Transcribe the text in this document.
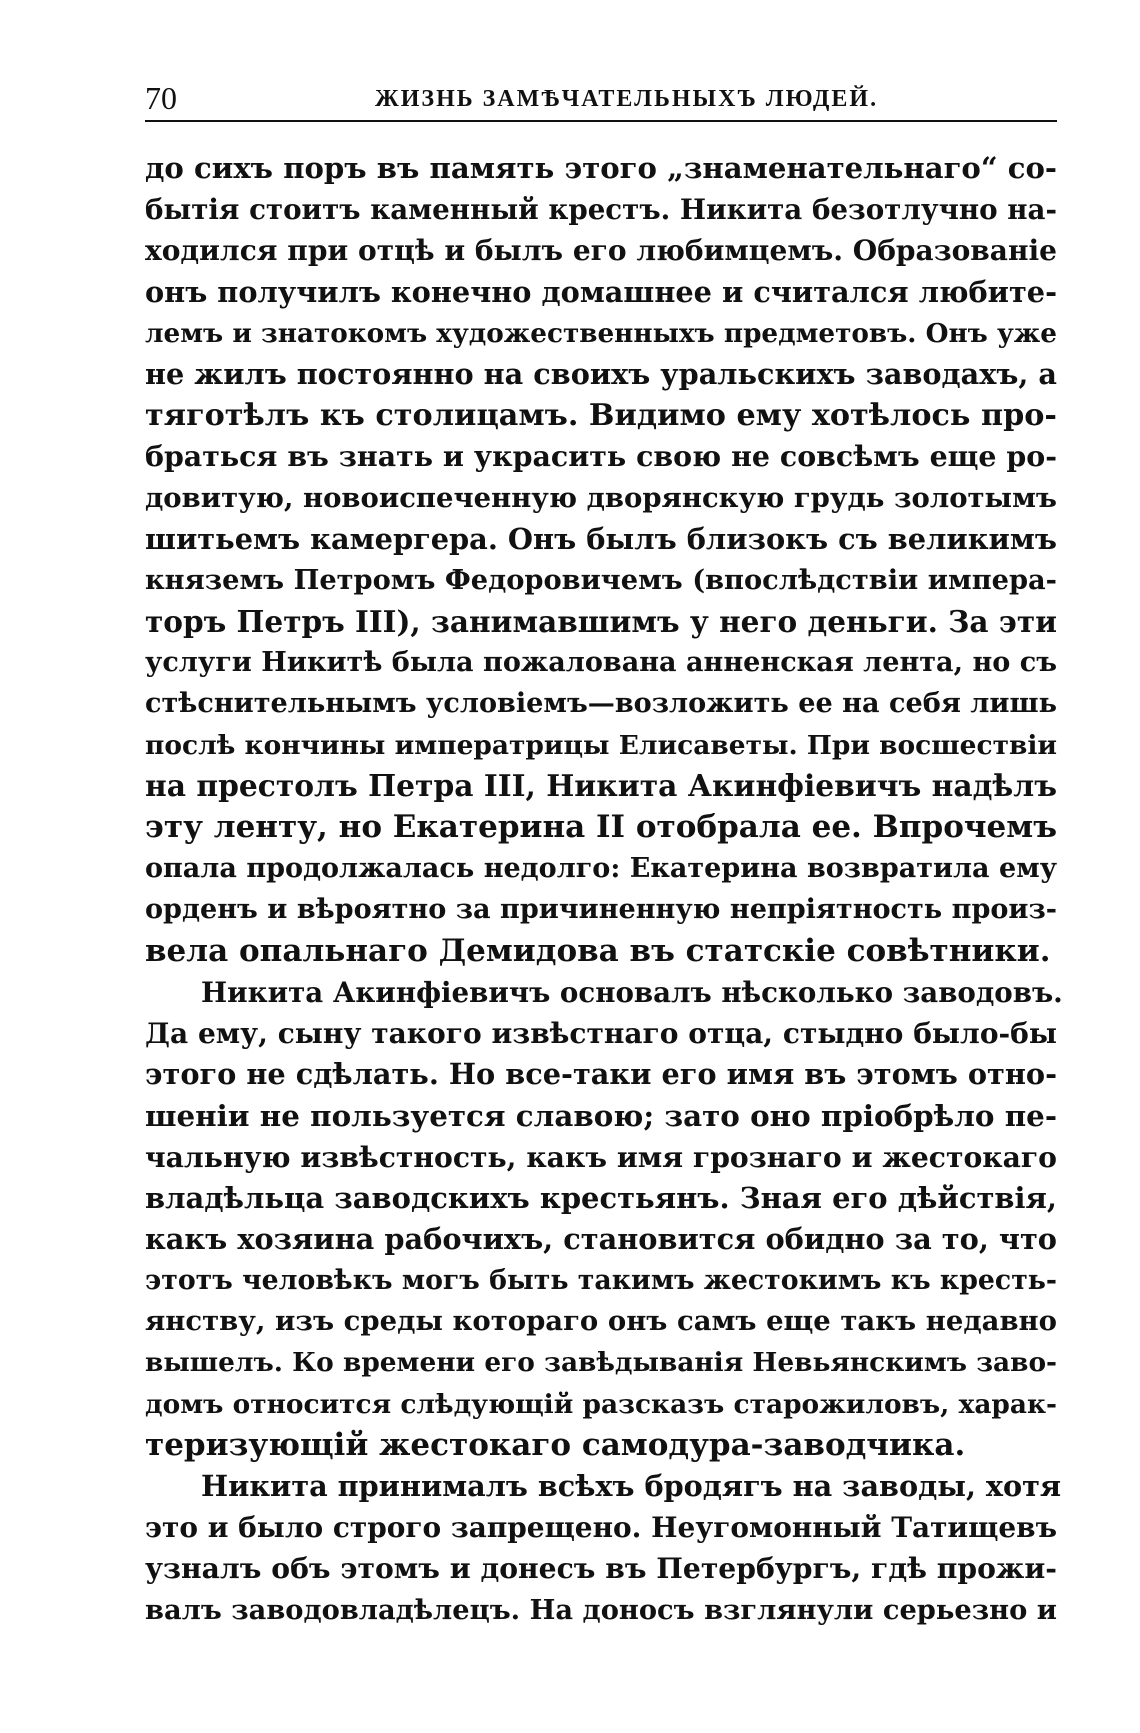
70	ЖИЗНЬ ЗАМѢЧАТЕЛЬНЫХЪ ЛЮДЕЙ.
до сихъ поръ въ память этого „знаменательнаго“ со-
бытія стоитъ каменный крестъ. Никита безотлучно на-
ходился при отцѣ и былъ его любимцемъ. Образованіе
онъ получилъ конечно домашнее и считался любите-
лемъ и знатокомъ художественныхъ предметовъ. Онъ уже
не жилъ постоянно на своихъ уральскихъ заводахъ, а
тяготѣлъ къ столицамъ. Видимо ему хотѣлось про-
браться въ знать и украсить свою не совсѣмъ еще ро-
довитую, новоиспеченную дворянскую грудь золотымъ
шитьемъ камергера. Онъ былъ близокъ съ великимъ
княземъ Петромъ Федоровичемъ (впослѣдствіи импера-
торъ Петръ III), занимавшимъ у него деньги. За эти
услуги Никитѣ была пожалована анненская лента, но съ
стѣснительнымъ условіемъ—возложить ее на себя лишь
послѣ кончины императрицы Елисаветы. При восшествіи
на престолъ Петра III, Никита Акинфіевичъ надѣлъ
эту ленту, но Екатерина II отобрала ее. Впрочемъ
опала продолжалась недолго: Екатерина возвратила ему
орденъ и вѣроятно за причиненную непріятность произ-
вела опальнаго Демидова въ статскіе совѣтники.
Никита Акинфіевичъ основалъ нѣсколько заводовъ.
Да ему, сыну такого извѣстнаго отца, стыдно было-бы
этого не сдѣлать. Но все-таки его имя въ этомъ отно-
шеніи не пользуется славою; зато оно пріобрѣло пе-
чальную извѣстность, какъ имя грознаго и жестокаго
владѣльца заводскихъ крестьянъ. Зная его дѣйствія,
какъ хозяина рабочихъ, становится обидно за то, что
этотъ человѣкъ могъ быть такимъ жестокимъ къ кресть-
янству, изъ среды котораго онъ самъ еще такъ недавно
вышелъ. Ко времени его завѣдыванія Невьянскимъ заво-
домъ относится слѣдующій разсказъ старожиловъ, харак-
теризующій жестокаго самодура-заводчика.
Никита принималъ всѣхъ бродягъ на заводы, хотя
это и было строго запрещено. Неугомонный Татищевъ
узналъ объ этомъ и донесъ въ Петербургъ, гдѣ прожи-
валъ заводовладѣлецъ. На доносъ взглянули серьезно и
